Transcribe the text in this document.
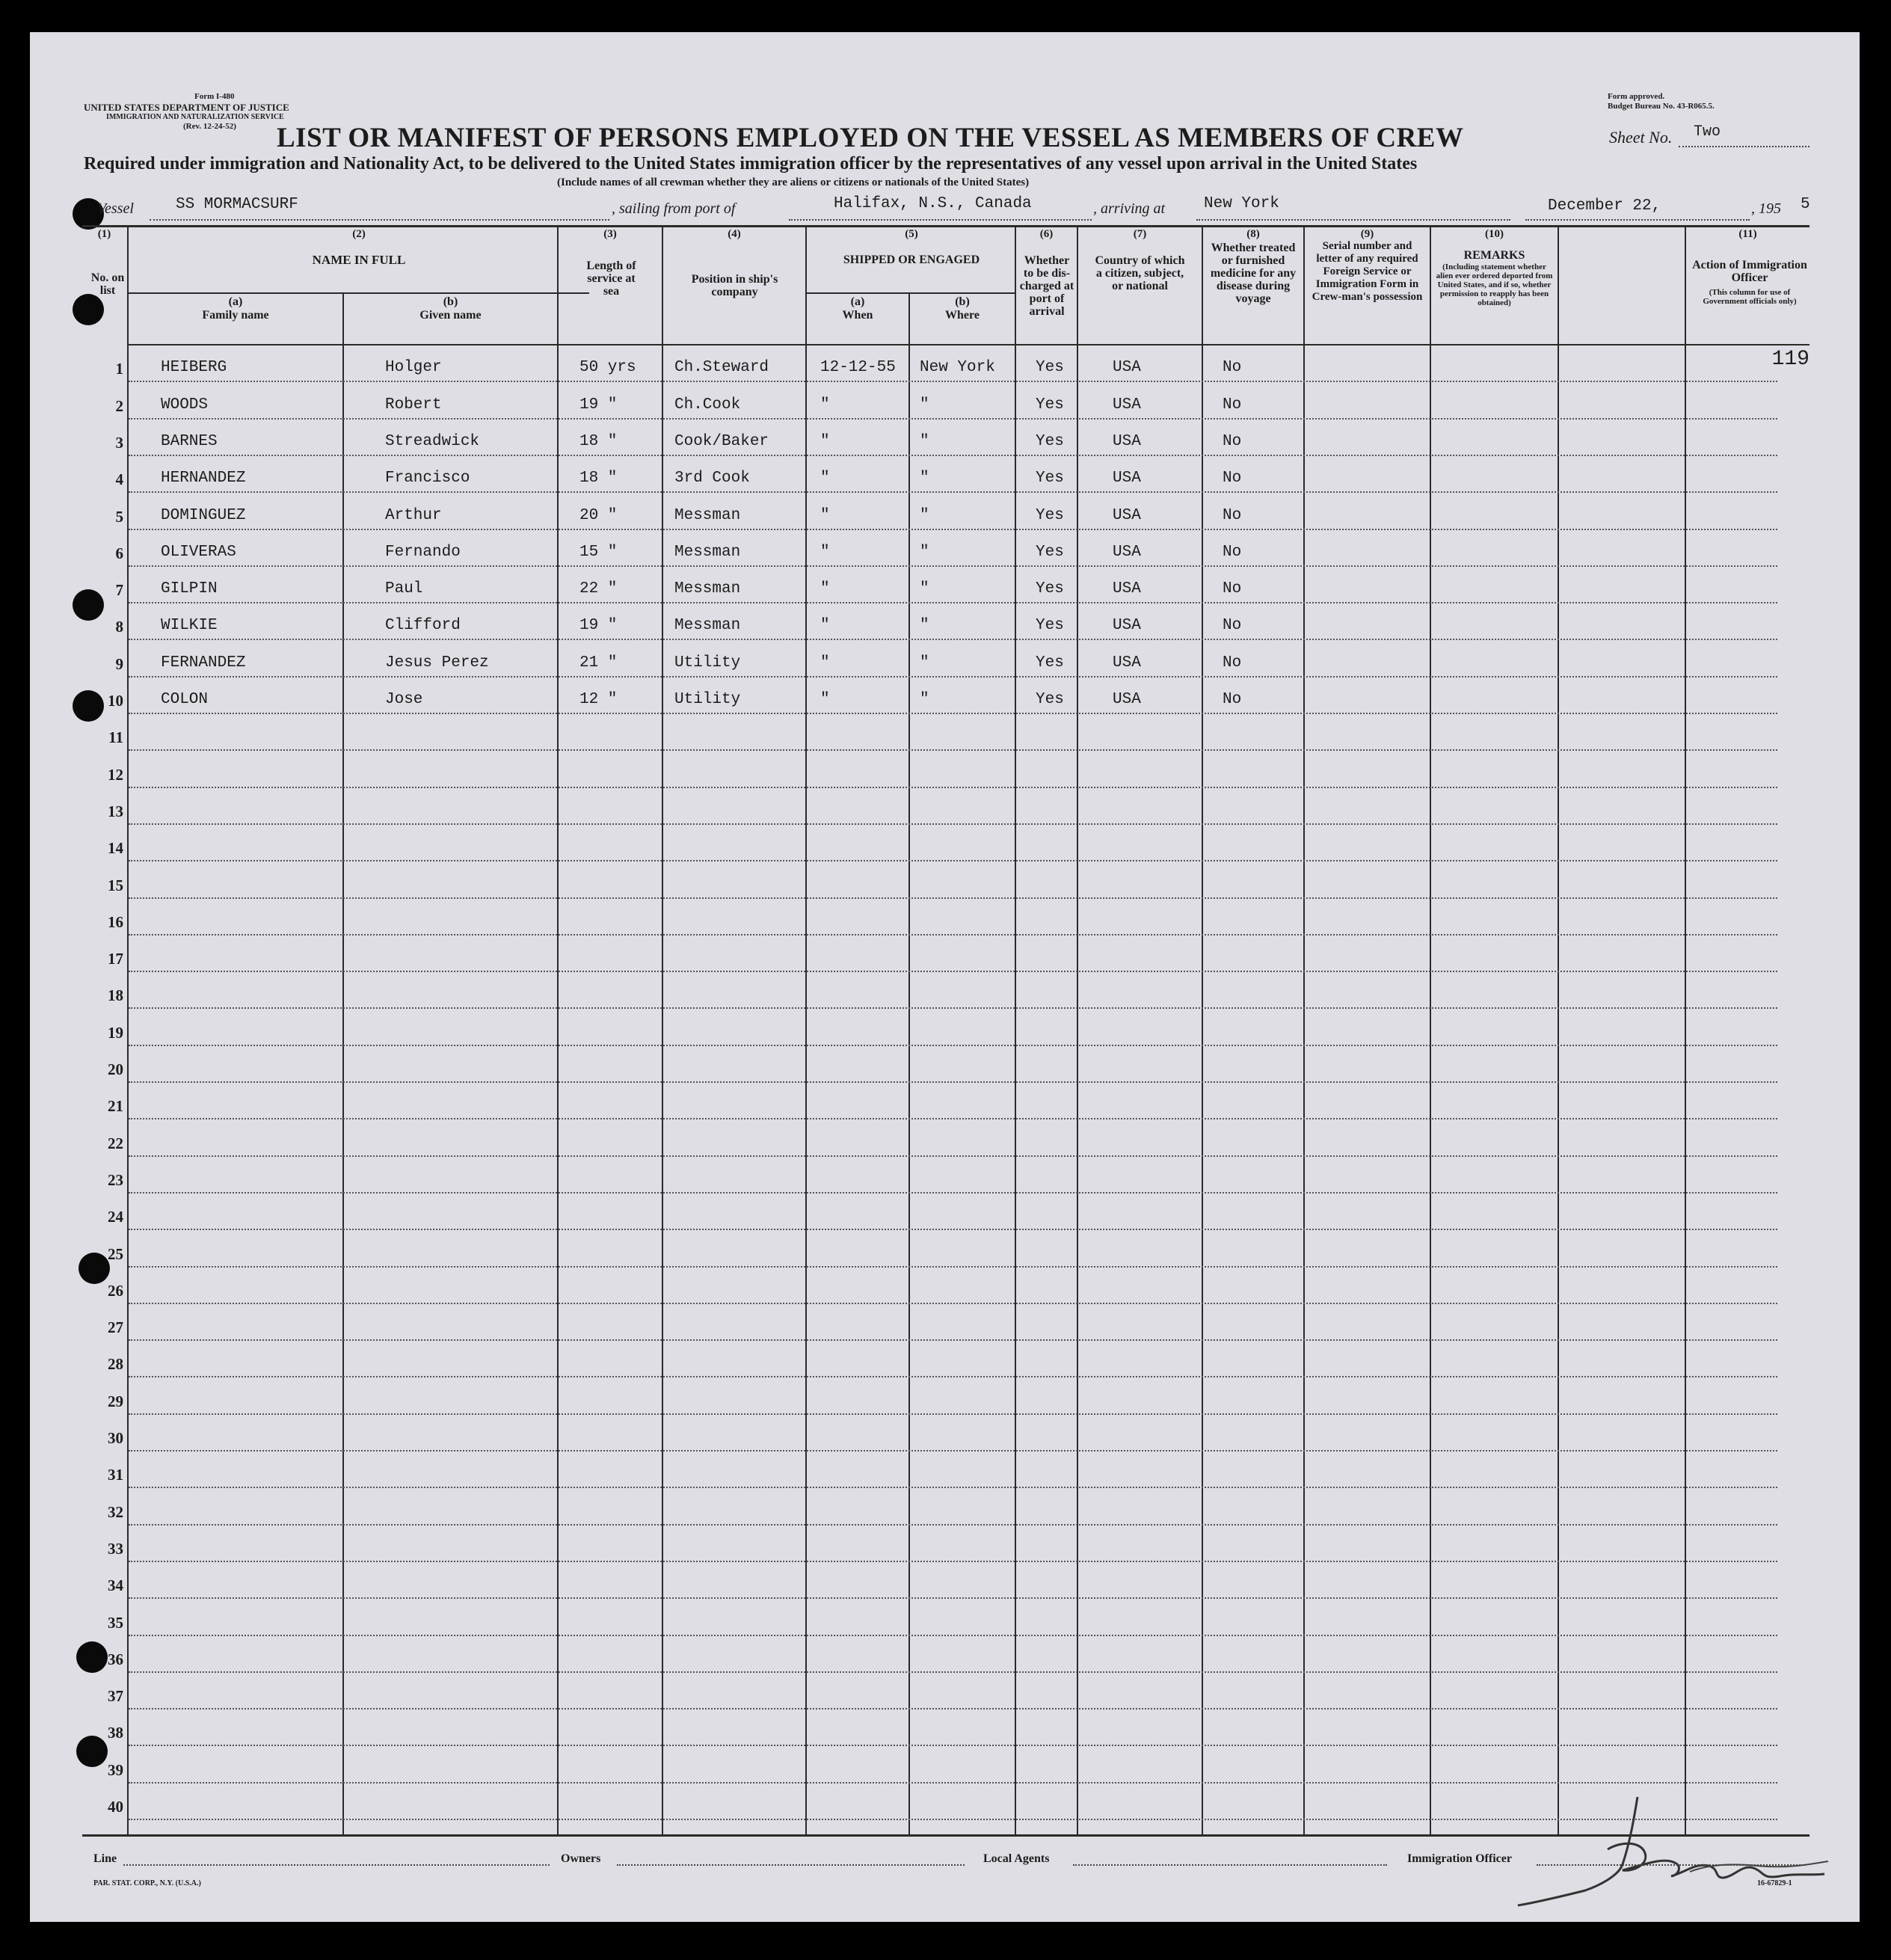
Form I-480
UNITED STATES DEPARTMENT OF JUSTICE
IMMIGRATION AND NATURALIZATION SERVICE
(Rev. 12-24-52)
Form approved.
Budget Bureau No. 43-R065.5.
LIST OR MANIFEST OF PERSONS EMPLOYED ON THE VESSEL AS MEMBERS OF CREW	Sheet No. Two
Required under immigration and Nationality Act, to be delivered to the United States immigration officer by the representatives of any vessel upon arrival in the United States
(Include names of all crewman whether they are aliens or citizens or nationals of the United States)
Vessel	SS MORMACSURF	, sailing from port of	Halifax, N.S., Canada	, arriving at New York	December 22,	, 195 5
(1)
No. on list
(2)
NAME IN FULL
(a)
Family name
(b)
Given name
(3)
Length of service at sea
(4)
Position in ship's company
(5)
SHIPPED OR ENGAGED
(a)
When
(b)
Where
(6)
Whether to be dis-charged at port of arrival
(7)
Country of which a citizen, subject, or national
(8)
Whether treated or furnished medicine for any disease during voyage
(9)
Serial number and letter of any required Foreign Service or Immigration Form in Crew-man's possession
(10)
REMARKS
(Including statement whether alien ever ordered deported from United States, and if so, whether permission to reapply has been obtained)
(11)
Action of Immigration Officer
(This column for use of Government officials only)
1 HEIBERG	Holger	50 yrs Ch.Steward	12-12-55 New York	Yes	USA	No	119
2 WOODS	Robert	19 "	Ch.Cook	"	"	Yes	USA	No
3 BARNES	Streadwick	18 "	Cook/Baker	"	"	Yes	USA	No
4 HERNANDEZ	Francisco	18 "	3rd Cook	"	"	Yes	USA	No
5 DOMINGUEZ	Arthur	20 "	Messman	"	"	Yes	USA	No
6 OLIVERAS	Fernando	15 "	Messman	"	"	Yes	USA	No
7 GILPIN	Paul	22 "	Messman	"	"	Yes	USA	No
8 WILKIE	Clifford	19 "	Messman	"	"	Yes	USA	No
9 FERNANDEZ	Jesus Perez	21 "	Utility	"	"	Yes	USA	No
10 COLON	Jose	12 "	Utility	"	"	Yes	USA	No
11
12
13
14
15
16
17
18
19
20
21
22
23
24
25
26
27
28
29
30
31
32
33
34
35
36
37
38
39
40
Line	Owners	Local Agents	Immigration Officer
PAR. STAT. CORP., N.Y. (U.S.A.)	16-67829-1
